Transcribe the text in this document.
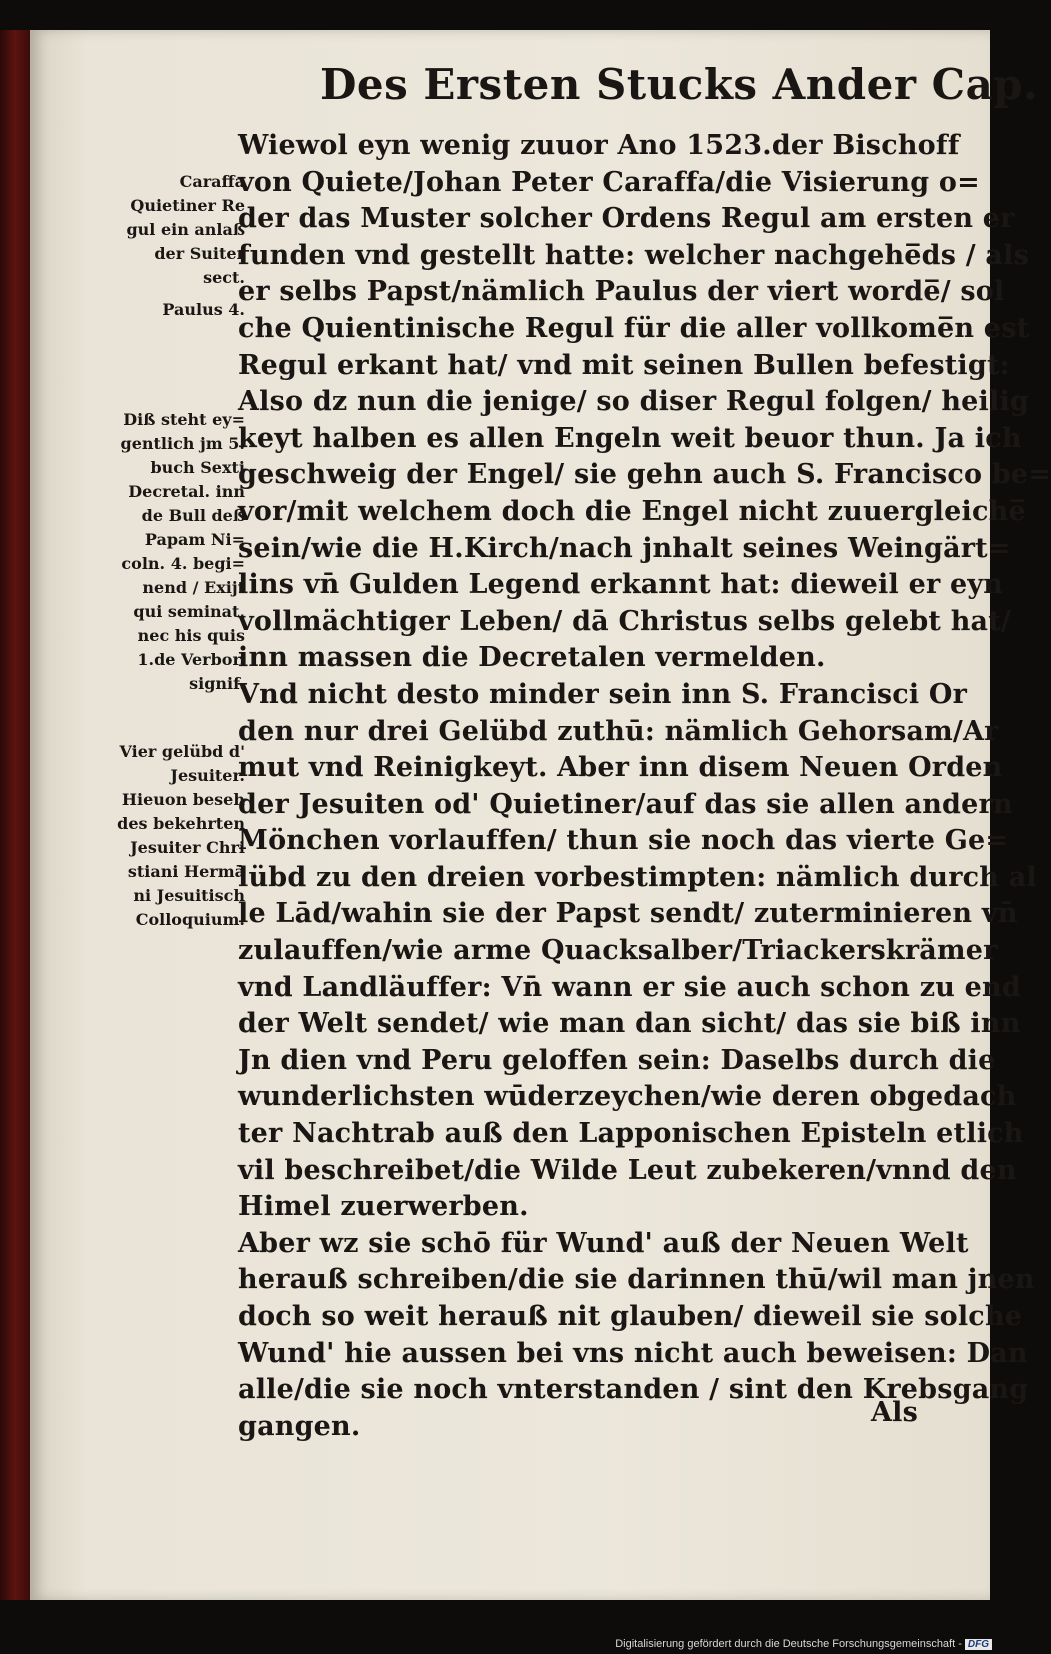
Des Ersten Stucks Ander Cap.
Wiewol eyn wenig zuuor Ano 1523.der Bischoff
von Quiete/Johan Peter Caraffa/die Visierung o=
der das Muster solcher Ordens Regul am ersten er
funden vnd gestellt hatte: welcher nachgehe̅ds / als
er selbs Papst/nämlich Paulus der viert worde̅/ sol
che Quientinische Regul für die aller vollkome̅n est
Regul erkant hat/ vnd mit seinen Bullen befestigt:
Also dz nun die jenige/ so diser Regul folgen/ heilig
keyt halben es allen Engeln weit beuor thun. Ja ich
geschweig der Engel/ sie gehn auch S. Francisco be=
vor/mit welchem doch die Engel nicht zuuergleiche̅
sein/wie die H.Kirch/nach jnhalt seines Weingärt=
lins vn̄ Gulden Legend erkannt hat: dieweil er eyn
vollmächtiger Leben/ dā Christus selbs gelebt hat/
inn massen die Decretalen vermelden.
Vnd nicht desto minder sein inn S. Francisci Or
den nur drei Gelübd zuthū: nämlich Gehorsam/Ar
mut vnd Reinigkeyt. Aber inn disem Neuen Orden
der Jesuiten od' Quietiner/auf das sie allen andern
Mönchen vorlauffen/ thun sie noch das vierte Ge=
lübd zu den dreien vorbestimpten: nämlich durch al
le Lād/wahin sie der Papst sendt/ zuterminieren vn̄
zulauffen/wie arme Quacksalber/Triackerskrämer
vnd Landläuffer: Vn̄ wann er sie auch schon zu end
der Welt sendet/ wie man dan sicht/ das sie biß inn
Jn dien vnd Peru geloffen sein: Daselbs durch die
wunderlichsten wūderzeychen/wie deren obgedach
ter Nachtrab auß den Lapponischen Episteln etlich
vil beschreibet/die Wilde Leut zubekeren/vnnd den
Himel zuerwerben.
Aber wz sie schō für Wund' auß der Neuen Welt
herauß schreiben/die sie darinnen thū/wil man jnen
doch so weit herauß nit glauben/ dieweil sie solche
Wund' hie aussen bei vns nicht auch beweisen: Dan
alle/die sie noch vnterstanden / sint den Krebsgang
gangen.	Als
Caraffa
Quietiner Re
gul ein anlaß
der Suiter
sect.
Paulus 4.
Diß steht ey=
gentlich jm 5.
buch Sexti
Decretal. inn
de Bull deß
Papam Ni=
coln. 4. begi=
nend / Exijt
qui seminat,
nec his quis
1.de Verbor.
signif.
Vier gelübd d'
Jesuiter.
Hieuon beseh
des bekehrten
Jesuiter Chri
stiani Hermā
ni Jesuitisch
Colloquium.
Digitalisierung gefördert durch die Deutsche Forschungsgemeinschaft - DFG
